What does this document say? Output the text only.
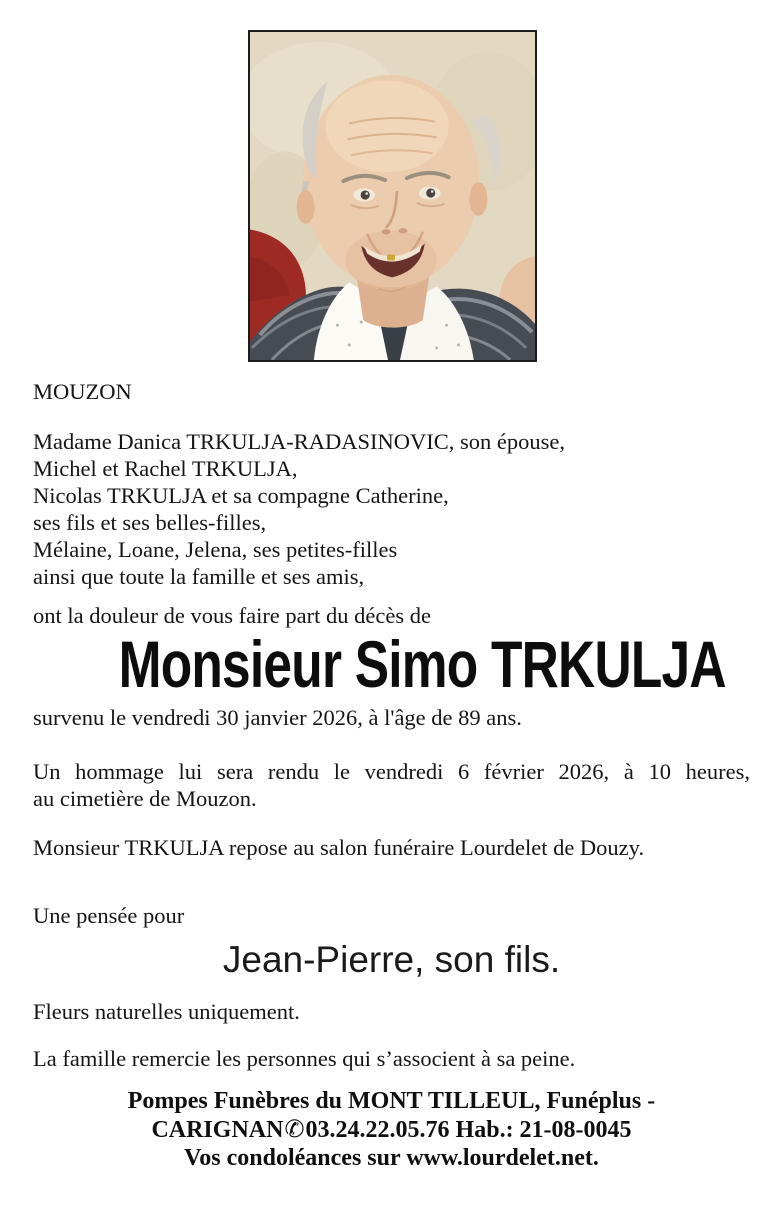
MOUZON
Madame Danica TRKULJA-RADASINOVIC, son épouse,
Michel et Rachel TRKULJA,
Nicolas TRKULJA et sa compagne Catherine,
ses fils et ses belles-filles,
Mélaine, Loane, Jelena, ses petites-filles
ainsi que toute la famille et ses amis,
ont la douleur de vous faire part du décès de
Monsieur Simo TRKULJA
survenu le vendredi 30 janvier 2026, à l'âge de 89 ans.
Un hommage lui sera rendu le vendredi 6 février 2026, à 10 heures,
au cimetière de Mouzon.
Monsieur TRKULJA repose au salon funéraire Lourdelet de Douzy.
Une pensée pour
Jean-Pierre, son fils.
Fleurs naturelles uniquement.
La famille remercie les personnes qui s’associent à sa peine.
Pompes Funèbres du MONT TILLEUL, Funéplus -
CARIGNAN✆03.24.22.05.76 Hab.: 21-08-0045
Vos condoléances sur www.lourdelet.net.
